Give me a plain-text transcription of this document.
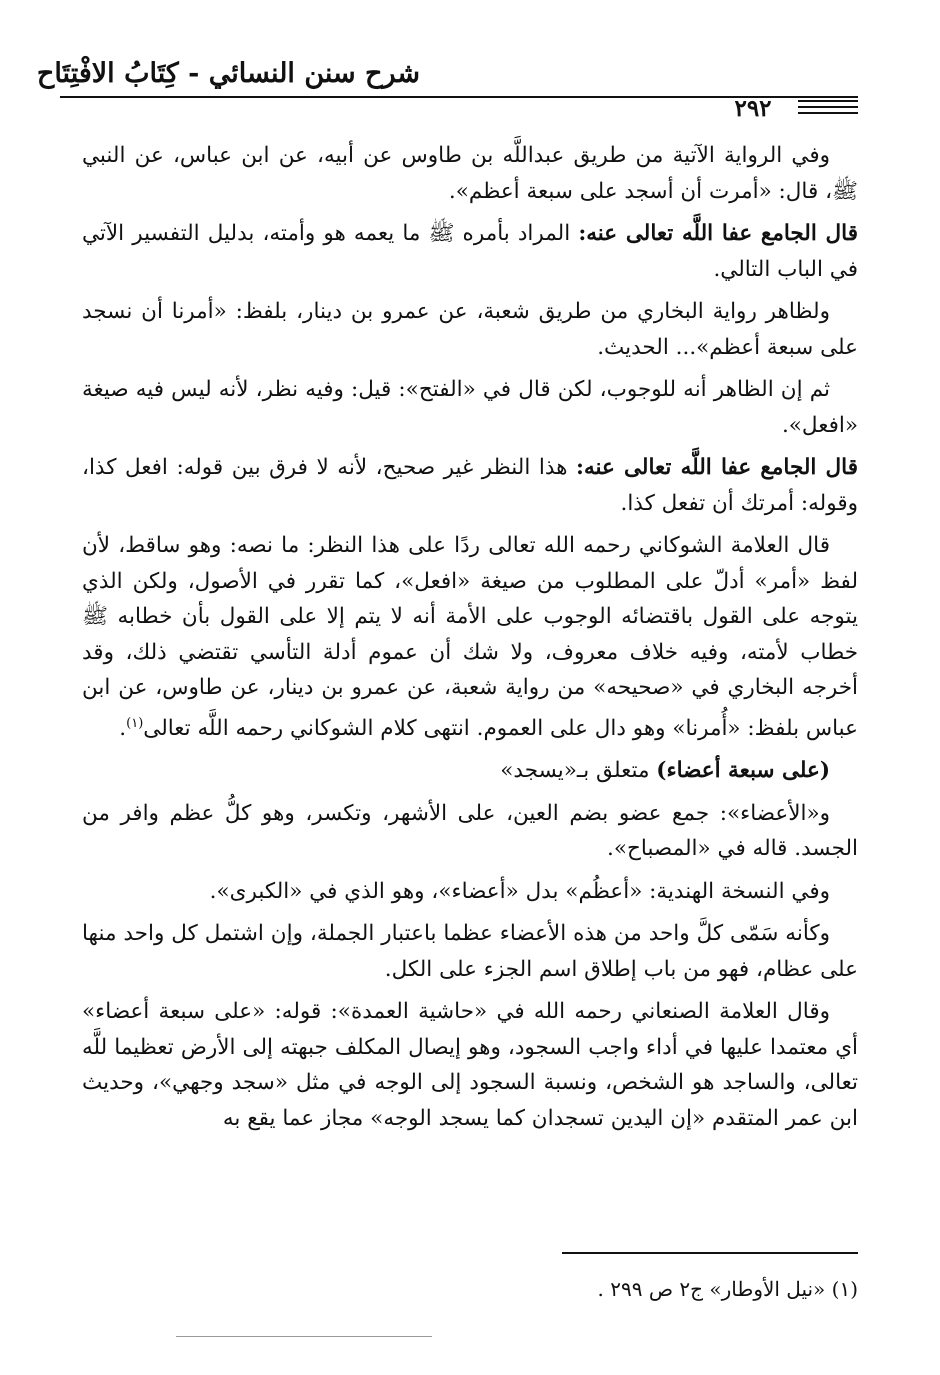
شرح سنن النسائي - كِتَابُ الافْتِتَاح
٢٩٢

وفي الرواية الآتية من طريق عبداللَّه بن طاوس عن أبيه، عن ابن عباس، عن النبي ﷺ، قال: «أمرت أن أسجد على سبعة أعظم».

قال الجامع عفا اللَّه تعالى عنه: المراد بأمره ﷺ ما يعمه هو وأمته، بدليل التفسير الآتي في الباب التالي.

ولظاهر رواية البخاري من طريق شعبة، عن عمرو بن دينار، بلفظ: «أمرنا أن نسجد على سبعة أعظم»... الحديث.

ثم إن الظاهر أنه للوجوب، لكن قال في «الفتح»: قيل: وفيه نظر، لأنه ليس فيه صيغة «افعل».

قال الجامع عفا اللَّه تعالى عنه: هذا النظر غير صحيح، لأنه لا فرق بين قوله: افعل كذا، وقوله: أمرتك أن تفعل كذا.

قال العلامة الشوكاني رحمه الله تعالى ردًا على هذا النظر: ما نصه: وهو ساقط، لأن لفظ «أمر» أدلّ على المطلوب من صيغة «افعل»، كما تقرر في الأصول، ولكن الذي يتوجه على القول باقتضائه الوجوب على الأمة أنه لا يتم إلا على القول بأن خطابه ﷺ خطاب لأمته، وفيه خلاف معروف، ولا شك أن عموم أدلة التأسي تقتضي ذلك، وقد أخرجه البخاري في «صحيحه» من رواية شعبة، عن عمرو بن دينار، عن طاوس، عن ابن عباس بلفظ: «أُمرنا» وهو دال على العموم. انتهى كلام الشوكاني رحمه اللَّه تعالى$^{(١)}$.

(على سبعة أعضاء) متعلق بـ«يسجد»

و«الأعضاء»: جمع عضو بضم العين، على الأشهر، وتكسر، وهو كلُّ عظم وافر من الجسد. قاله في «المصباح».

وفي النسخة الهندية: «أعظُم» بدل «أعضاء»، وهو الذي في «الكبرى».

وكأنه سَمّى كلَّ واحد من هذه الأعضاء عظما باعتبار الجملة، وإن اشتمل كل واحد منها على عظام، فهو من باب إطلاق اسم الجزء على الكل.

وقال العلامة الصنعاني رحمه الله في «حاشية العمدة»: قوله: «على سبعة أعضاء» أي معتمدا عليها في أداء واجب السجود، وهو إيصال المكلف جبهته إلى الأرض تعظيما للَّه تعالى، والساجد هو الشخص، ونسبة السجود إلى الوجه في مثل «سجد وجهي»، وحديث ابن عمر المتقدم «إن اليدين تسجدان كما يسجد الوجه» مجاز عما يقع به

(١) «نيل الأوطار» ج٢ ص ٢٩٩ .
